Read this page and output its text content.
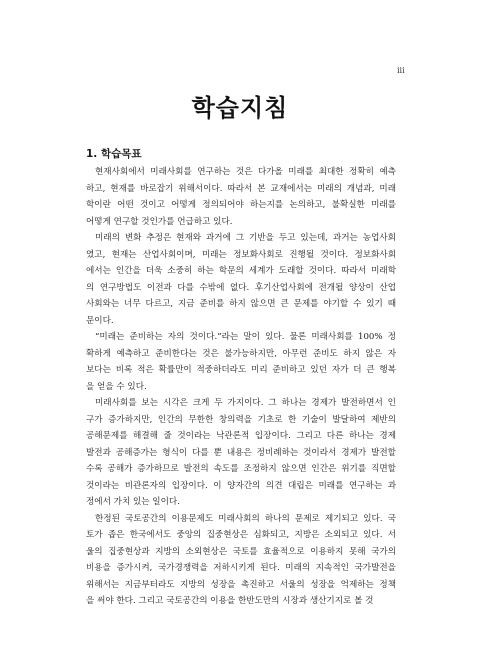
iii
학습지침
1. 학습목표
현재사회에서 미래사회를 연구하는 것은 다가올 미래를 최대한 정확히 예측
하고, 현재를 바로잡기 위해서이다. 따라서 본 교재에서는 미래의 개념과, 미래
학이란 어떤 것이고 어떻게 정의되어야 하는지를 논의하고, 불확실한 미래를
어떻게 연구할 것인가를 언급하고 있다.
미래의 변화 추정은 현재와 과거에 그 기반을 두고 있는데, 과거는 농업사회
였고, 현재는 산업사회이며, 미래는 정보화사회로 진행될 것이다. 정보화사회
에서는 인간을 더욱 소중히 하는 학문의 세계가 도래할 것이다. 따라서 미래학
의 연구방법도 이전과 다를 수밖에 없다. 후기산업사회에 전개될 양상이 산업
사회와는 너무 다르고, 지금 준비를 하지 않으면 큰 문제를 야기할 수 있기 때
문이다.
“미래는 준비하는 자의 것이다.”라는 말이 있다. 물론 미래사회를 100% 정
확하게 예측하고 준비한다는 것은 불가능하지만, 아무런 준비도 하지 않은 자
보다는 비록 적은 확률만이 적중하더라도 미리 준비하고 있던 자가 더 큰 행복
을 얻을 수 있다.
미래사회를 보는 시각은 크게 두 가지이다. 그 하나는 경제가 발전하면서 인
구가 증가하지만, 인간의 무한한 창의력을 기초로 한 기술이 발달하여 제반의
공해문제를 해결해 줄 것이라는 낙관론적 입장이다. 그리고 다른 하나는 경제
발전과 공해증가는 형식이 다를 뿐 내용은 정비례하는 것이라서 경제가 발전할
수록 공해가 증가하므로 발전의 속도를 조정하지 않으면 인간은 위기를 직면할
것이라는 비관론자의 입장이다. 이 양자간의 의견 대립은 미래를 연구하는 과
정에서 가치 있는 일이다.
한정된 국토공간의 이용문제도 미래사회의 하나의 문제로 제기되고 있다. 국
토가 좁은 한국에서도 중앙의 집중현상은 심화되고, 지방은 소외되고 있다. 서
울의 집중현상과 지방의 소외현상은 국토를 효율적으로 이용하지 못해 국가의
비용을 증가시켜, 국가경쟁력을 저하시키게 된다. 미래의 지속적인 국가발전을
위해서는 지금부터라도 지방의 성장을 촉진하고 서울의 성장을 억제하는 정책
을 써야 한다. 그리고 국토공간의 이용을 한반도만의 시장과 생산기지로 볼 것
